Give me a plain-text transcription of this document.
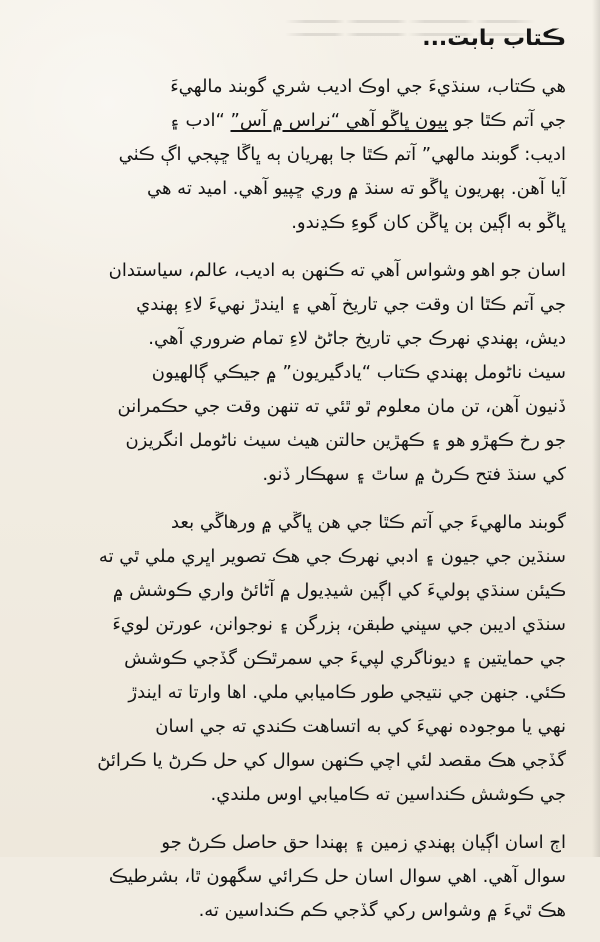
ڪتاب بابت...
هي ڪتاب، سنڌيءَ جي اوڪ اديب شري گوبند مالهيءَ
جي آتم ڪٿا جو ٻيون ڀاڱو آهي “نراس ۾ آس” “ادب ۽
اديب: گوبند مالهي” آتم ڪٿا جا ٻهريان ٻه ڀاڱا ڇپجي اڳ ڪٺي
آيا آهن. ٻهريون ڀاڱو ته سنڌ ۾ وري ڇپيو آهي. اميد ته هي
ڀاڱو به اڳين ٻن ڀاڱن کان گوءِ ڪڍندو.
اسان جو اهو وشواس آهي ته ڪنهن به اديب، عالم، سياستدان
جي آتم ڪٿا ان وقت جي تاريخ آهي ۽ ايندڙ نهيءَ لاءِ ٻهندي
ديش، ٻهندي نهرڪ جي تاريخ جاڻڻ لاءِ تمام ضروري آهي.
سيٺ ناڻومل ٻهندي ڪتاب “يادگيريون” ۾ جيڪي ڳالهيون
ڏنيون آهن، تن مان معلوم ٿو ٿئي ته تنهن وقت جي حڪمرانن
جو رخ ڪهڙو هو ۽ ڪهڙين حالتن هيٺ سيٺ ناڻومل انگريزن
کي سنڌ فتح ڪرڻ ۾ ساٿ ۽ سهڪار ڏنو.
گوبند مالهيءَ جي آتم ڪٿا جي هن ڀاڱي ۾ ورهاڱي بعد
سنڌين جي جيون ۽ ادبي نهرڪ جي هڪ تصوير اڀري ملي ٿي ته
ڪيئن سنڌي ٻوليءَ کي اڳين شيڊيول ۾ آڻائڻ واري ڪوشش ۾
سنڌي اديبن جي سڀني طبقن، ٻزرگن ۽ نوجوانن، عورتن لويءَ
جي حمايتين ۽ ديوناگري لپيءَ جي سمرٿڪن گڏجي ڪوشش
ڪئي. جنهن جي نتيجي طور ڪاميابي ملي. اها وارتا ته ايندڙ
نهي يا موجوده نهيءَ کي به اتساهت ڪندي ته جي اسان
گڏجي هڪ مقصد لئي اچي ڪنهن سوال کي حل ڪرڻ يا ڪرائڻ
جي ڪوشش ڪنداسين ته ڪاميابي اوس ملندي.
اڄ اسان اڳيان ٻهندي زمين ۽ ٻهندا حق حاصل ڪرڻ جو
سوال آهي. اهي سوال اسان حل ڪرائي سگهون ٿا، بشرطيڪ
هڪ ٿيءَ ۾ وشواس رکي گڏجي ڪم ڪنداسين ته.
